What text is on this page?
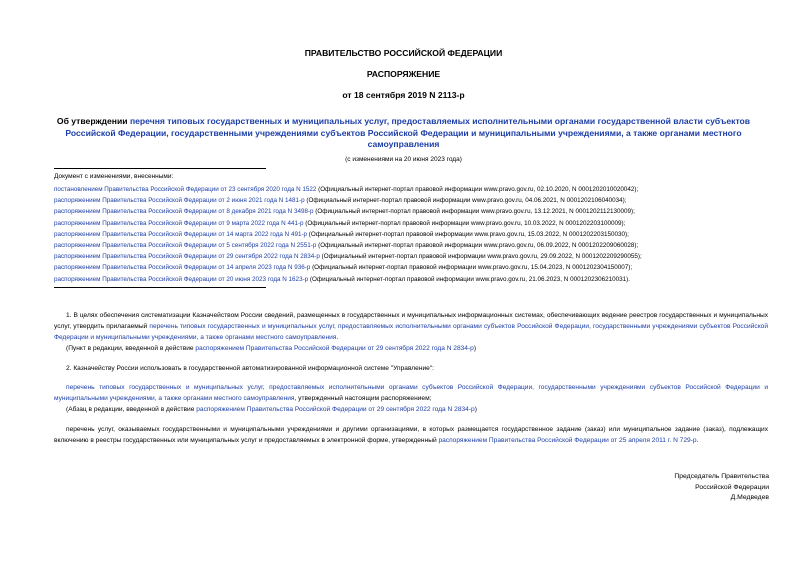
ПРАВИТЕЛЬСТВО РОССИЙСКОЙ ФЕДЕРАЦИИ
РАСПОРЯЖЕНИЕ
от 18 сентября 2019 N 2113-р
Об утверждении перечня типовых государственных и муниципальных услуг, предоставляемых исполнительными органами государственной власти субъектов Российской Федерации, государственными учреждениями субъектов Российской Федерации и муниципальными учреждениями, а также органами местного самоуправления
(с изменениями на 20 июня 2023 года)
Документ с изменениями, внесенными:
постановлением Правительства Российской Федерации от 23 сентября 2020 года N 1522 (Официальный интернет-портал правовой информации www.pravo.gov.ru, 02.10.2020, N 0001202010020042);
распоряжением Правительства Российской Федерации от 2 июня 2021 года N 1481-р (Официальный интернет-портал правовой информации www.pravo.gov.ru, 04.06.2021, N 0001202106040034);
распоряжением Правительства Российской Федерации от 8 декабря 2021 года N 3498-р (Официальный интернет-портал правовой информации www.pravo.gov.ru, 13.12.2021, N 0001202112130009);
распоряжением Правительства Российской Федерации от 9 марта 2022 года N 441-р (Официальный интернет-портал правовой информации www.pravo.gov.ru, 10.03.2022, N 0001202203100009);
распоряжением Правительства Российской Федерации от 14 марта 2022 года N 491-р (Официальный интернет-портал правовой информации www.pravo.gov.ru, 15.03.2022, N 0001202203150030);
распоряжением Правительства Российской Федерации от 5 сентября 2022 года N 2551-р (Официальный интернет-портал правовой информации www.pravo.gov.ru, 06.09.2022, N 0001202209060028);
распоряжением Правительства Российской Федерации от 29 сентября 2022 года N 2834-р (Официальный интернет-портал правовой информации www.pravo.gov.ru, 29.09.2022, N 0001202209290055);
распоряжением Правительства Российской Федерации от 14 апреля 2023 года N 936-р (Официальный интернет-портал правовой информации www.pravo.gov.ru, 15.04.2023, N 0001202304150007);
распоряжением Правительства Российской Федерации от 20 июня 2023 года N 1623-р (Официальный интернет-портал правовой информации www.pravo.gov.ru, 21.06.2023, N 0001202306210031).

1. В целях обеспечения систематизации Казначейством России сведений, размещенных в государственных и муниципальных информационных системах, обеспечивающих ведение реестров государственных и муниципальных услуг, утвердить прилагаемый перечень типовых государственных и муниципальных услуг, предоставляемых исполнительными органами субъектов Российской Федерации, государственными учреждениями субъектов Российской Федерации и муниципальными учреждениями, а также органами местного самоуправления.

(Пункт в редакции, введенной в действие распоряжением Правительства Российской Федерации от 29 сентября 2022 года N 2834-р)

2. Казначейству России использовать в государственной автоматизированной информационной системе "Управление":

перечень типовых государственных и муниципальных услуг, предоставляемых исполнительными органами субъектов Российской Федерации, государственными учреждениями субъектов Российской Федерации и муниципальными учреждениями, а также органами местного самоуправления, утвержденный настоящим распоряжением;

(Абзац в редакции, введенной в действие распоряжением Правительства Российской Федерации от 29 сентября 2022 года N 2834-р)

перечень услуг, оказываемых государственными и муниципальными учреждениями и другими организациями, в которых размещается государственное задание (заказ) или муниципальное задание (заказ), подлежащих включению в реестры государственных или муниципальных услуг и предоставляемых в электронной форме, утвержденный распоряжением Правительства Российской Федерации от 25 апреля 2011 г. N 729-р.

Председатель Правительства
Российской Федерации
Д.Медведев
